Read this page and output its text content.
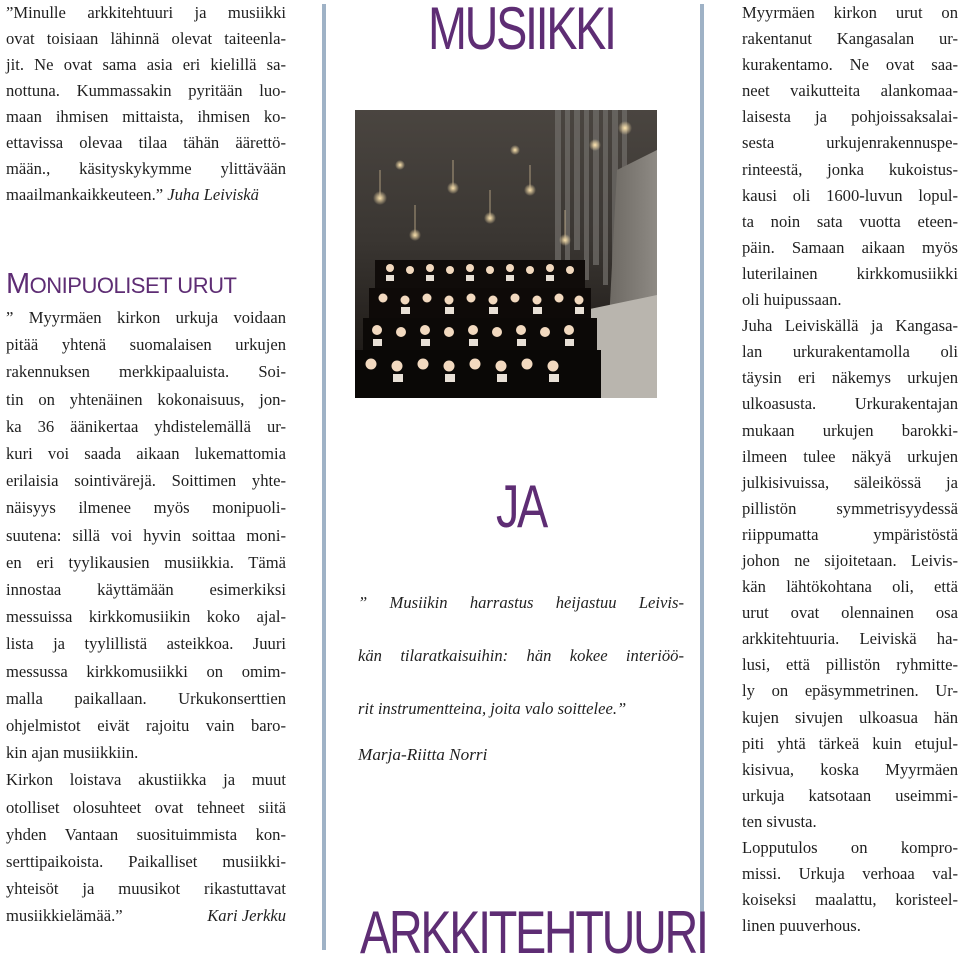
”Minulle arkkitehtuuri ja musiikki
ovat toisiaan lähinnä olevat taiteenla-
jit. Ne ovat sama asia eri kielillä sa-
nottuna. Kummassakin pyritään luo-
maan ihmisen mittaista, ihmisen ko-
ettavissa olevaa tilaa tähän äärettö-
mään., käsityskykymme ylittävään
maailmankaikkeuteen.” Juha Leiviskä
MONIPUOLISET URUT
” Myyrmäen kirkon urkuja voidaan
pitää yhtenä suomalaisen urkujen
rakennuksen merkkipaaluista. Soi-
tin on yhtenäinen kokonaisuus, jon-
ka 36 äänikertaa yhdistelemällä ur-
kuri voi saada aikaan lukemattomia
erilaisia sointivärejä. Soittimen yhte-
näisyys ilmenee myös monipuoli-
suutena: sillä voi hyvin soittaa moni-
en eri tyylikausien musiikkia. Tämä
innostaa käyttämään esimerkiksi
messuissa kirkkomusiikin koko ajal-
lista ja tyylillistä asteikkoa. Juuri
messussa kirkkomusiikki on omim-
malla paikallaan. Urkukonserttien
ohjelmistot eivät rajoitu vain baro-
kin ajan musiikkiin.
Kirkon loistava akustiikka ja muut
otolliset olosuhteet ovat tehneet siitä
yhden Vantaan suosituimmista kon-
serttipaikoista. Paikalliset musiikki-
yhteisöt ja muusikot rikastuttavat
musiikkielämää.”	Kari Jerkku
MUSIIKKI
JA
” Musiikin harrastus heijastuu Leivis-
kän tilaratkaisuihin: hän kokee interiöö-
rit instrumentteina, joita valo soittelee.”
Marja-Riitta Norri
ARKKITEHTUURI
Myyrmäen kirkon urut on
rakentanut Kangasalan ur-
kurakentamo. Ne ovat saa-
neet vaikutteita alankomaa-
laisesta ja pohjoissaksalai-
sesta urkujenrakennuspe-
rinteestä, jonka kukoistus-
kausi oli 1600-luvun lopul-
ta noin sata vuotta eteen-
päin. Samaan aikaan myös
luterilainen kirkkomusiikki
oli huipussaan.
Juha Leiviskällä ja Kangasa-
lan urkurakentamolla oli
täysin eri näkemys urkujen
ulkoasusta. Urkurakentajan
mukaan urkujen barokki-
ilmeen tulee näkyä urkujen
julkisivuissa, säleikössä ja
pillistön symmetrisyydessä
riippumatta ympäristöstä
johon ne sijoitetaan. Leivis-
kän lähtökohtana oli, että
urut ovat olennainen osa
arkkitehtuuria. Leiviskä ha-
lusi, että pillistön ryhmitte-
ly on epäsymmetrinen. Ur-
kujen sivujen ulkoasua hän
piti yhtä tärkeä kuin etujul-
kisivua, koska Myyrmäen
urkuja katsotaan useimmi-
ten sivusta.
Lopputulos on kompro-
missi. Urkuja verhoaa val-
koiseksi maalattu, koristeel-
linen puuverhous.
